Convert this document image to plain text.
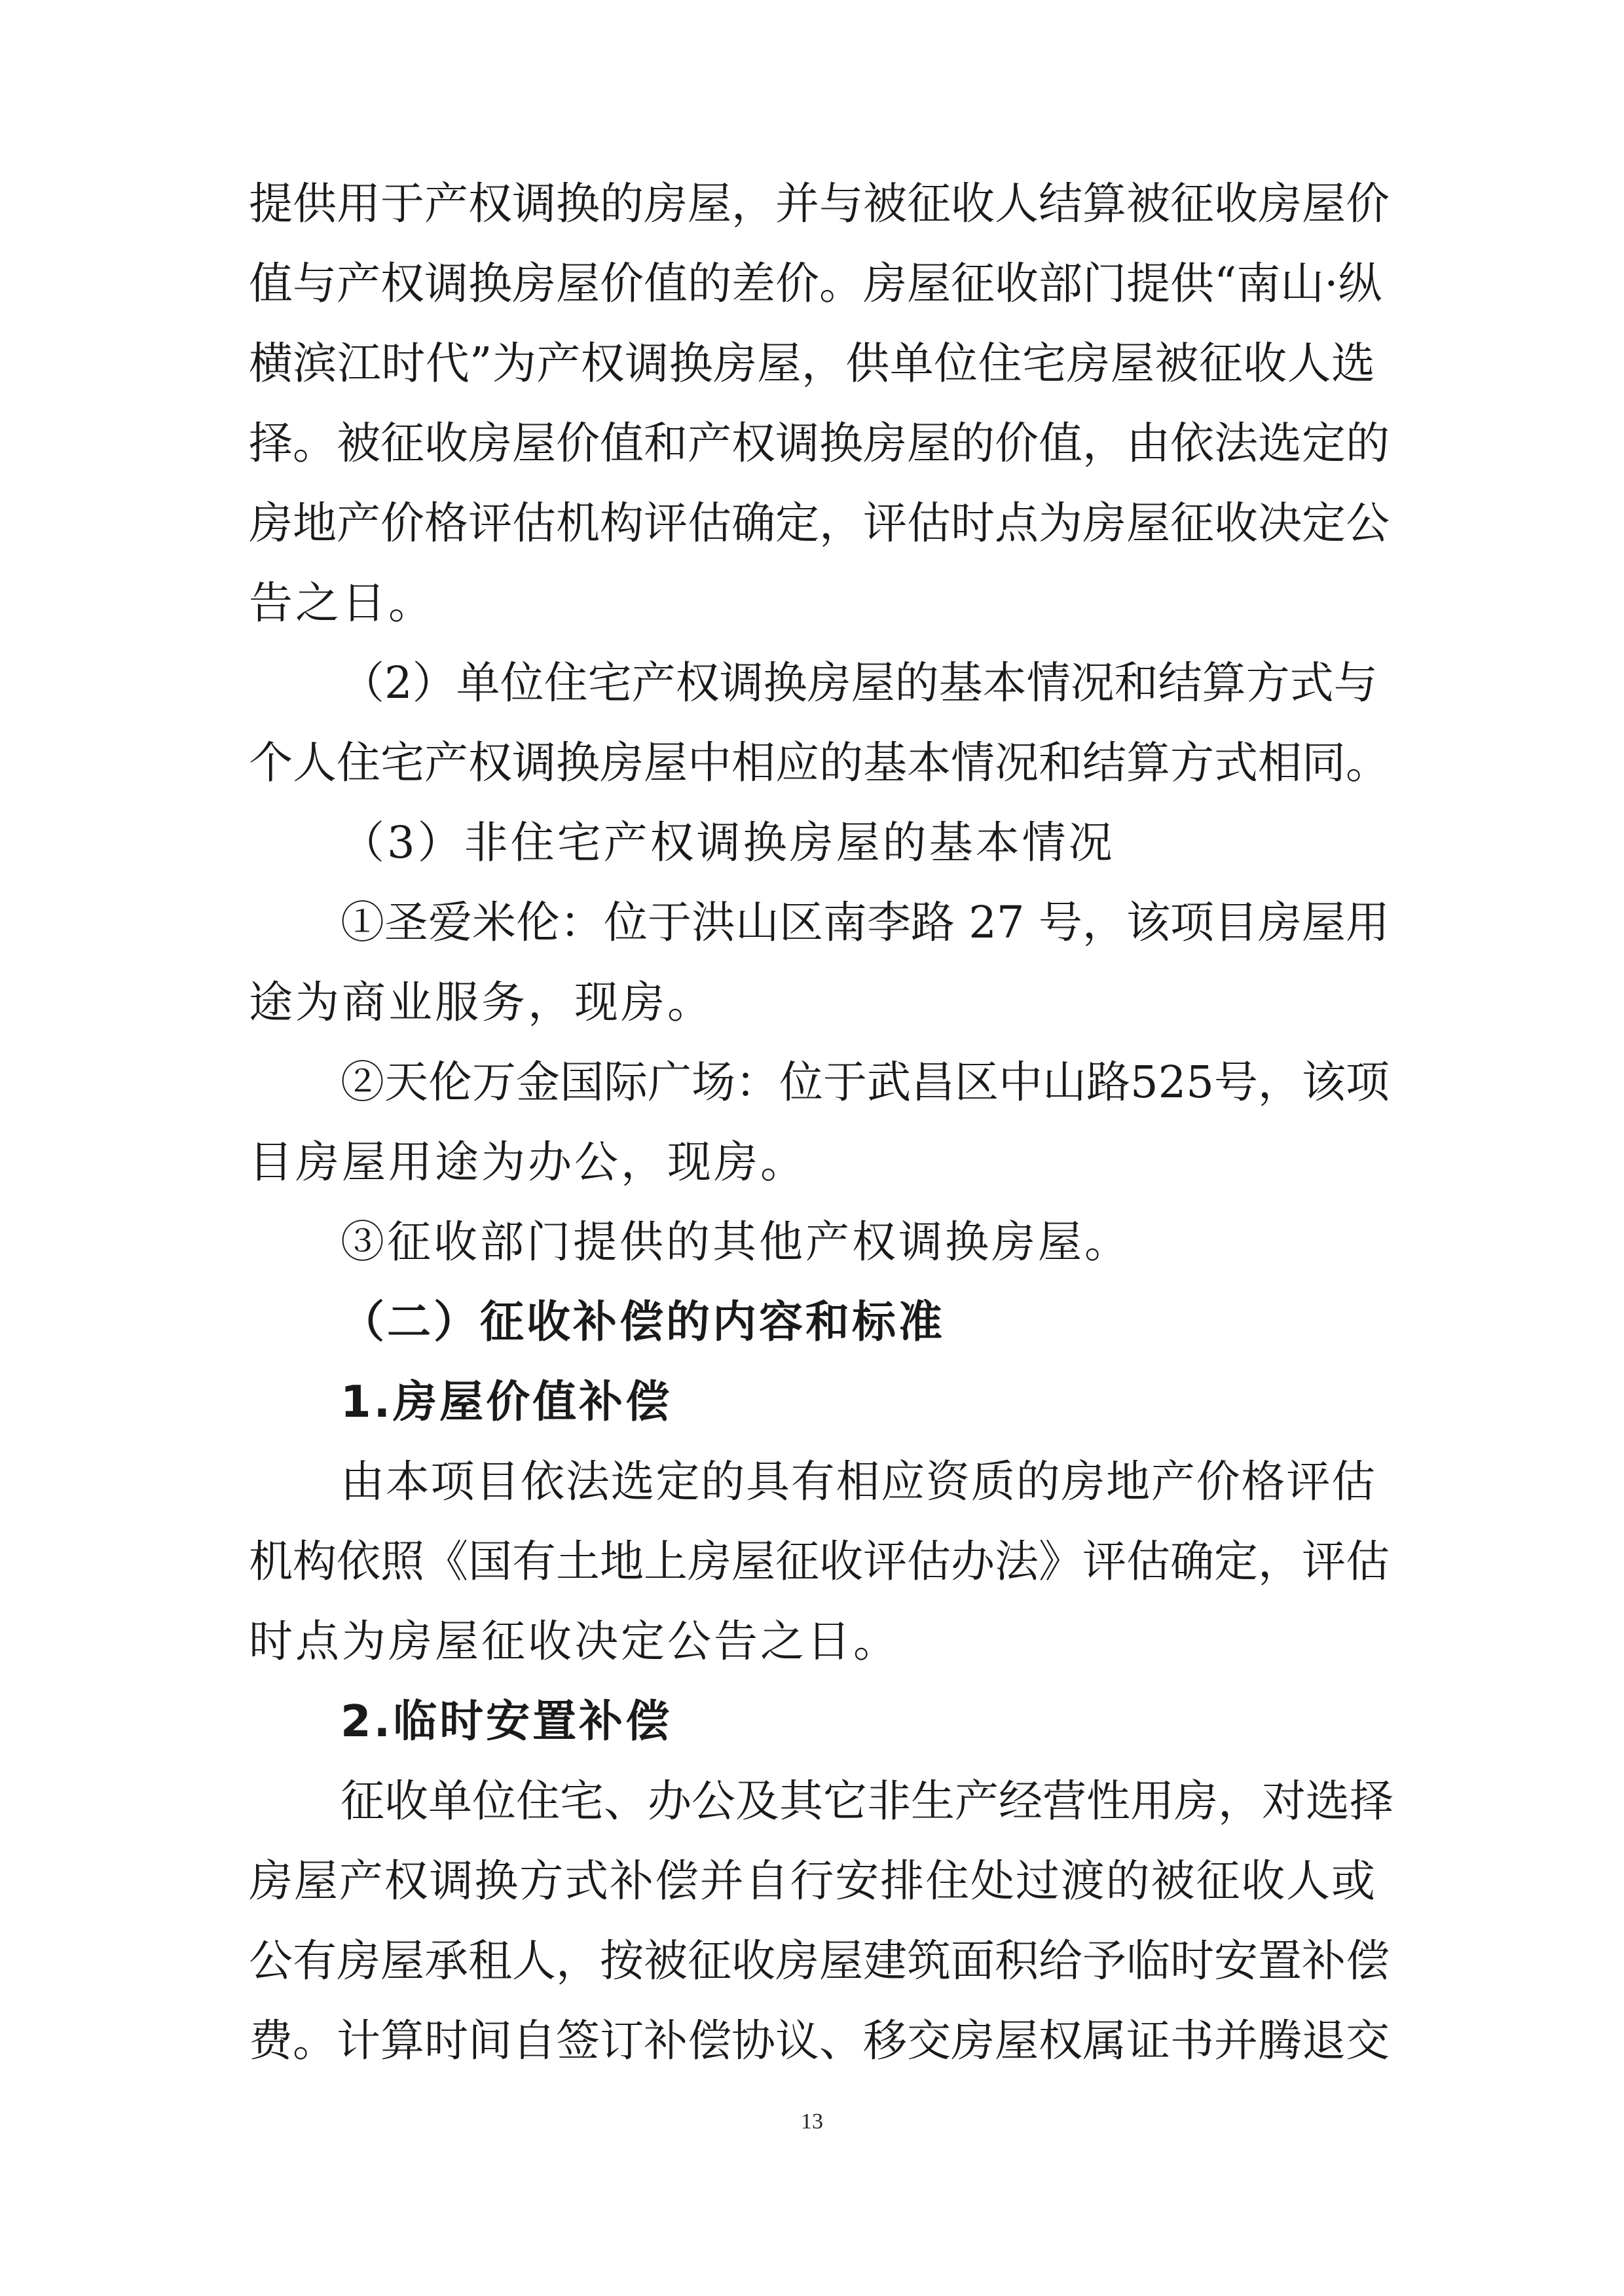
提供用于产权调换的房屋，并与被征收人结算被征收房屋价
值与产权调换房屋价值的差价。房屋征收部门提供“南山·纵
横滨江时代”为产权调换房屋，供单位住宅房屋被征收人选
择。被征收房屋价值和产权调换房屋的价值，由依法选定的
房地产价格评估机构评估确定，评估时点为房屋征收决定公
告之日。
（2）单位住宅产权调换房屋的基本情况和结算方式与
个人住宅产权调换房屋中相应的基本情况和结算方式相同。
（3）非住宅产权调换房屋的基本情况
①圣爱米伦：位于洪山区南李路 27 号，该项目房屋用
途为商业服务，现房。
②天伦万金国际广场：位于武昌区中山路525号，该项
目房屋用途为办公，现房。
③征收部门提供的其他产权调换房屋。
（二）征收补偿的内容和标准
1.房屋价值补偿
由本项目依法选定的具有相应资质的房地产价格评估
机构依照《国有土地上房屋征收评估办法》评估确定，评估
时点为房屋征收决定公告之日。
2.临时安置补偿
征收单位住宅、办公及其它非生产经营性用房，对选择
房屋产权调换方式补偿并自行安排住处过渡的被征收人或
公有房屋承租人，按被征收房屋建筑面积给予临时安置补偿
费。计算时间自签订补偿协议、移交房屋权属证书并腾退交
13
